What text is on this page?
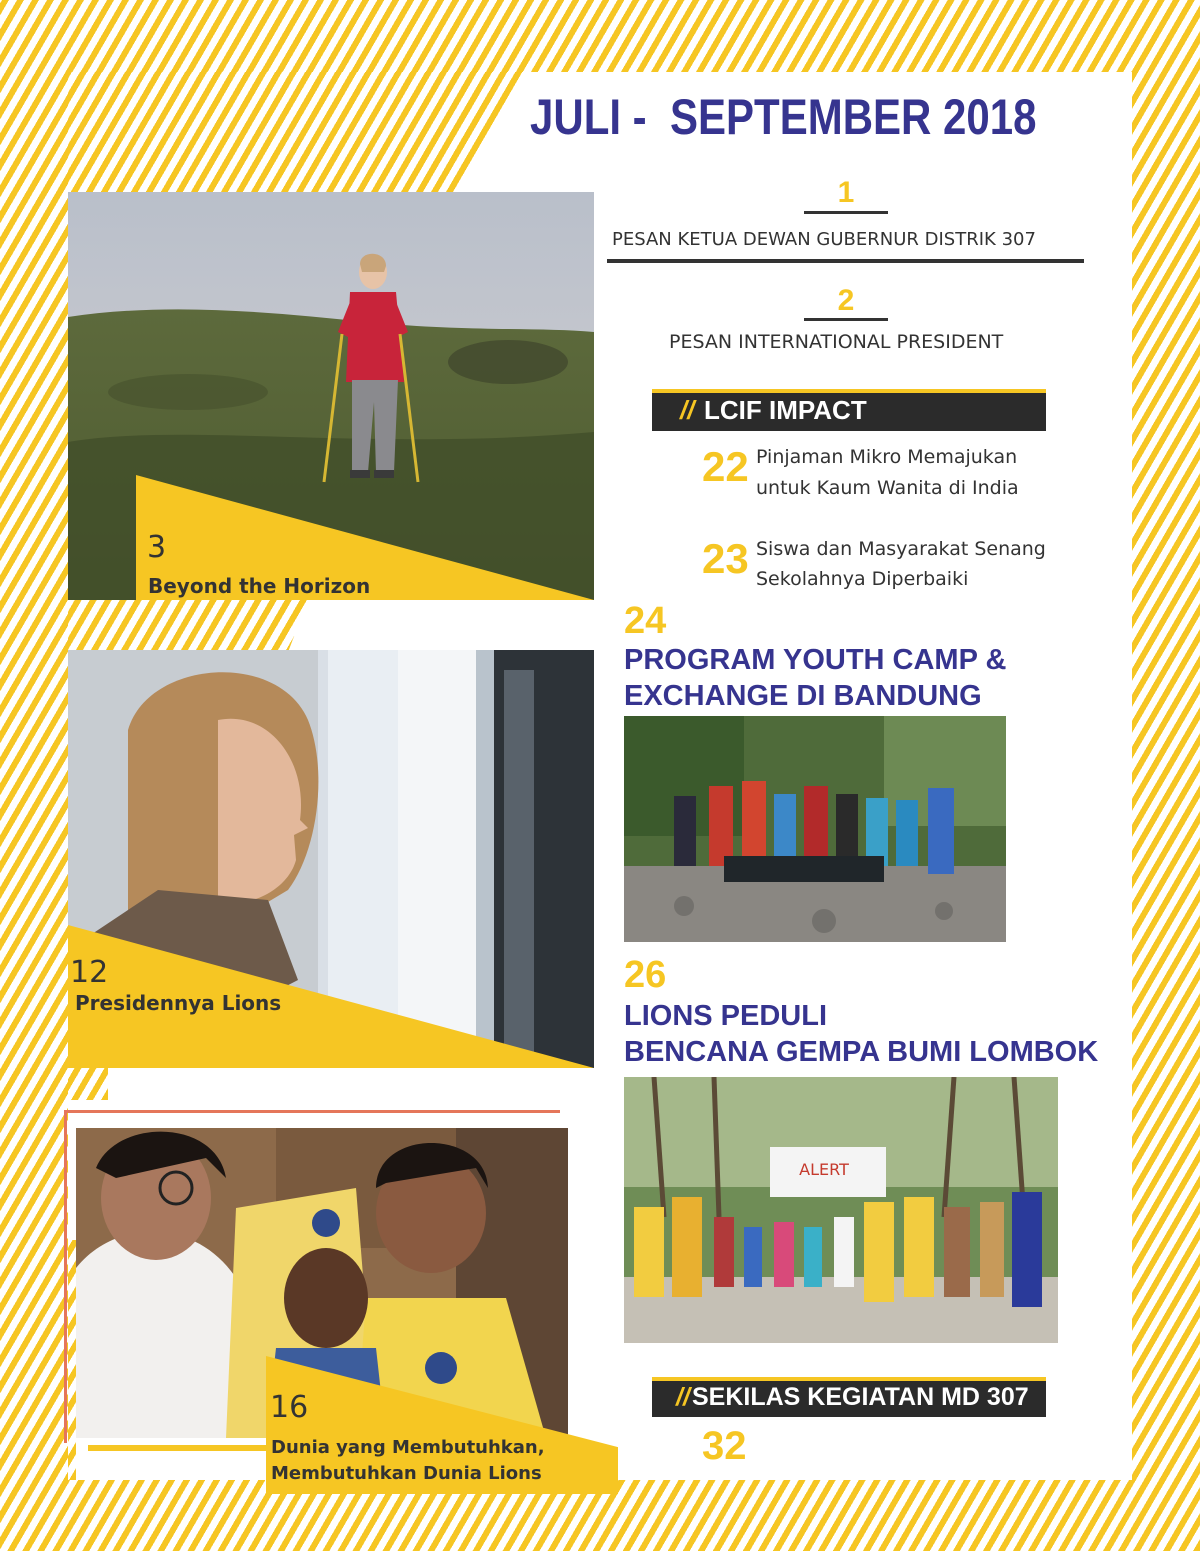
JULI -  SEPTEMBER 2018
3
Beyond the Horizon
12
Presidennya Lions
16
Dunia yang Membutuhkan,
Membutuhkan Dunia Lions
1
PESAN KETUA DEWAN GUBERNUR DISTRIK 307
2
PESAN INTERNATIONAL PRESIDENT
// LCIF IMPACT
22 Pinjaman Mikro Memajukan
untuk Kaum Wanita di India
23 Siswa dan Masyarakat Senang
Sekolahnya Diperbaiki
24
PROGRAM YOUTH CAMP &
EXCHANGE DI BANDUNG
26
LIONS PEDULI
BENCANA GEMPA BUMI LOMBOK
ALERT
// SEKILAS KEGIATAN MD 307
32
